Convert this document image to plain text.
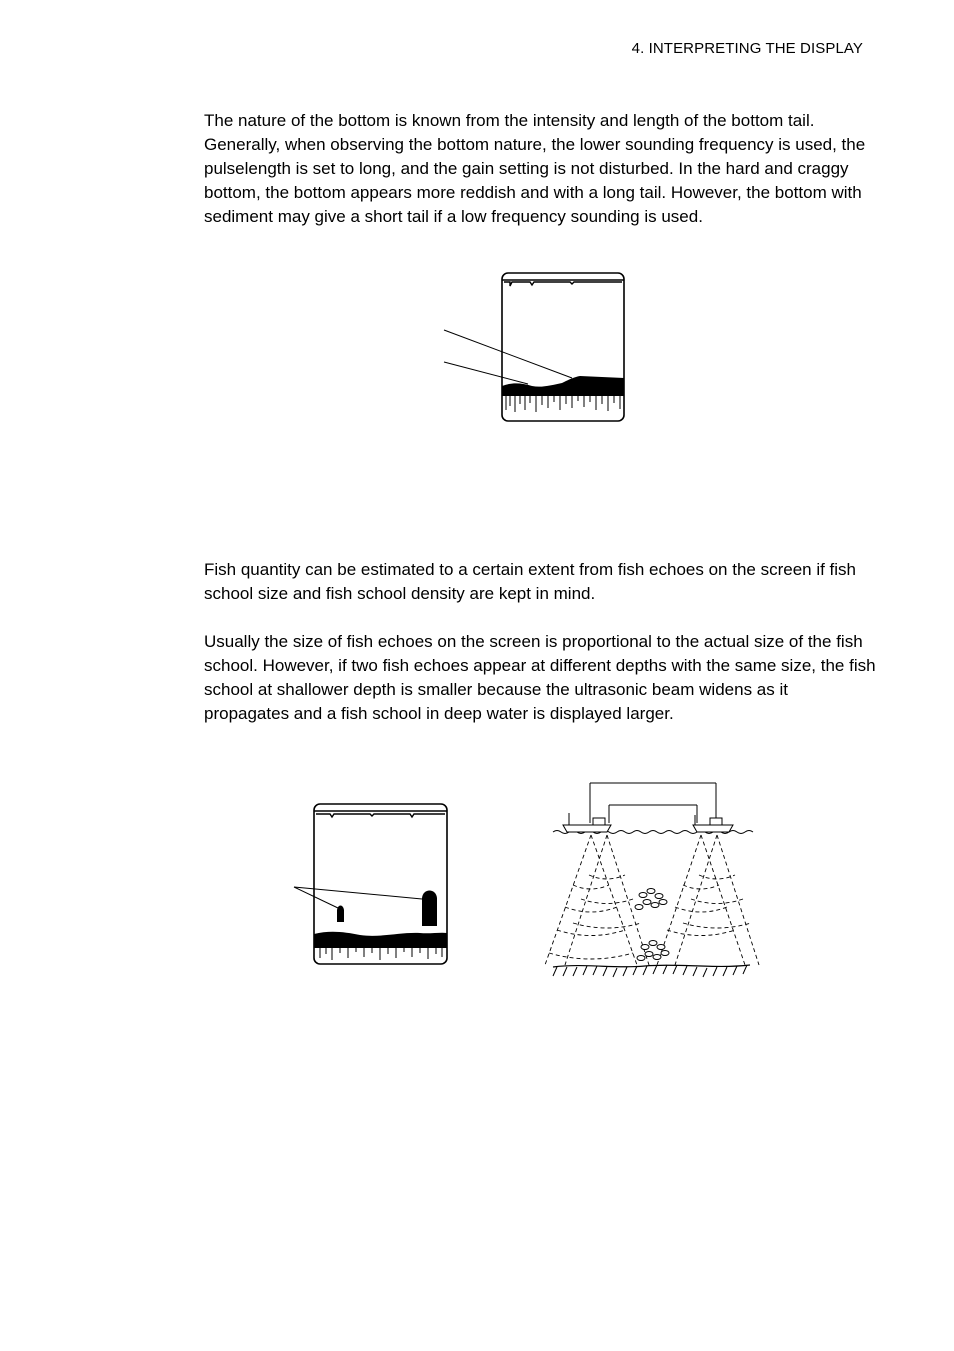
4. INTERPRETING THE DISPLAY

The nature of the bottom is known from the intensity and length of the bottom tail. Generally, when observing the bottom nature, the lower sounding frequency is used, the pulselength is set to long, and the gain setting is not disturbed. In the hard and craggy bottom, the bottom appears more reddish and with a long tail. However, the bottom with sediment may give a short tail if a low frequency sounding is used.

Fish quantity can be estimated to a certain extent from fish echoes on the screen if fish school size and fish school density are kept in mind.

Usually the size of fish echoes on the screen is proportional to the actual size of the fish school. However, if two fish echoes appear at different depths with the same size, the fish school at shallower depth is smaller because the ultrasonic beam widens as it propagates and a fish school in deep water is displayed larger.
